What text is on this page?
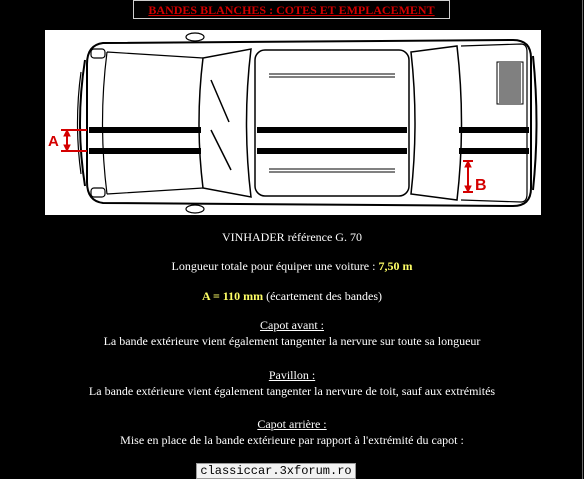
BANDES BLANCHES : COTES ET EMPLACEMENT
A
B
VINHADER référence G. 70
Longueur totale pour équiper une voiture : 7,50 m
A = 110 mm (écartement des bandes)
Capot avant :
La bande extérieure vient également tangenter la nervure sur toute sa longueur
Pavillon :
La bande extérieure vient également tangenter la nervure de toit, sauf aux extrémités
Capot arrière :
Mise en place de la bande extérieure par rapport à l'extrémité du capot :
classiccar.3xforum.ro
